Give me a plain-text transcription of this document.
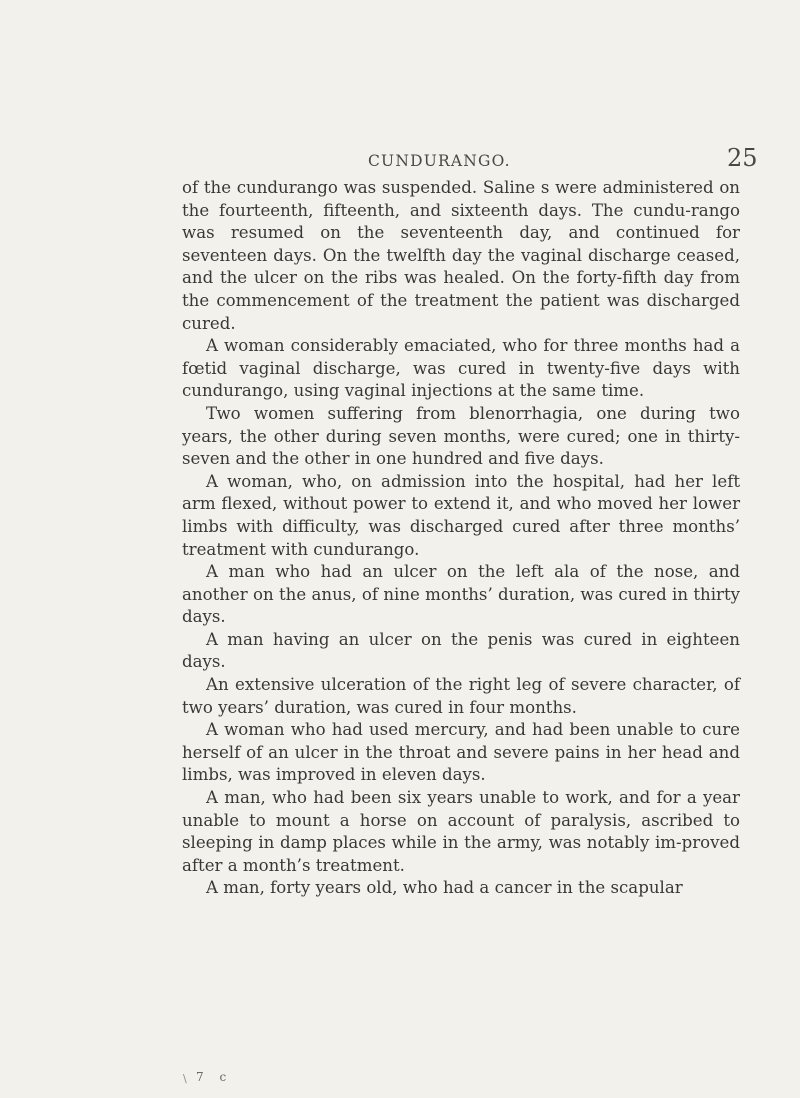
CUNDURANGO.	25

of the cundurango was suspended. Saline s were administered on the fourteenth, fifteenth, and sixteenth days. The cundu-rango was resumed on the seventeenth day, and continued for seventeen days. On the twelfth day the vaginal discharge ceased, and the ulcer on the ribs was healed. On the forty-fifth day from the commencement of the treatment the patient was discharged cured.

A woman considerably emaciated, who for three months had a fœtid vaginal discharge, was cured in twenty-five days with cundurango, using vaginal injections at the same time.

Two women suffering from blenorrhagia, one during two years, the other during seven months, were cured; one in thirty-seven and the other in one hundred and five days.

A woman, who, on admission into the hospital, had her left arm flexed, without power to extend it, and who moved her lower limbs with difficulty, was discharged cured after three months’ treatment with cundurango.

A man who had an ulcer on the left ala of the nose, and another on the anus, of nine months’ duration, was cured in thirty days.

A man having an ulcer on the penis was cured in eighteen days.

An extensive ulceration of the right leg of severe character, of two years’ duration, was cured in four months.

A woman who had used mercury, and had been unable to cure herself of an ulcer in the throat and severe pains in her head and limbs, was improved in eleven days.

A man, who had been six years unable to work, and for a year unable to mount a horse on account of paralysis, ascribed to sleeping in damp places while in the army, was notably im-proved after a month’s treatment.

A man, forty years old, who had a cancer in the scapular

\ 7 c
